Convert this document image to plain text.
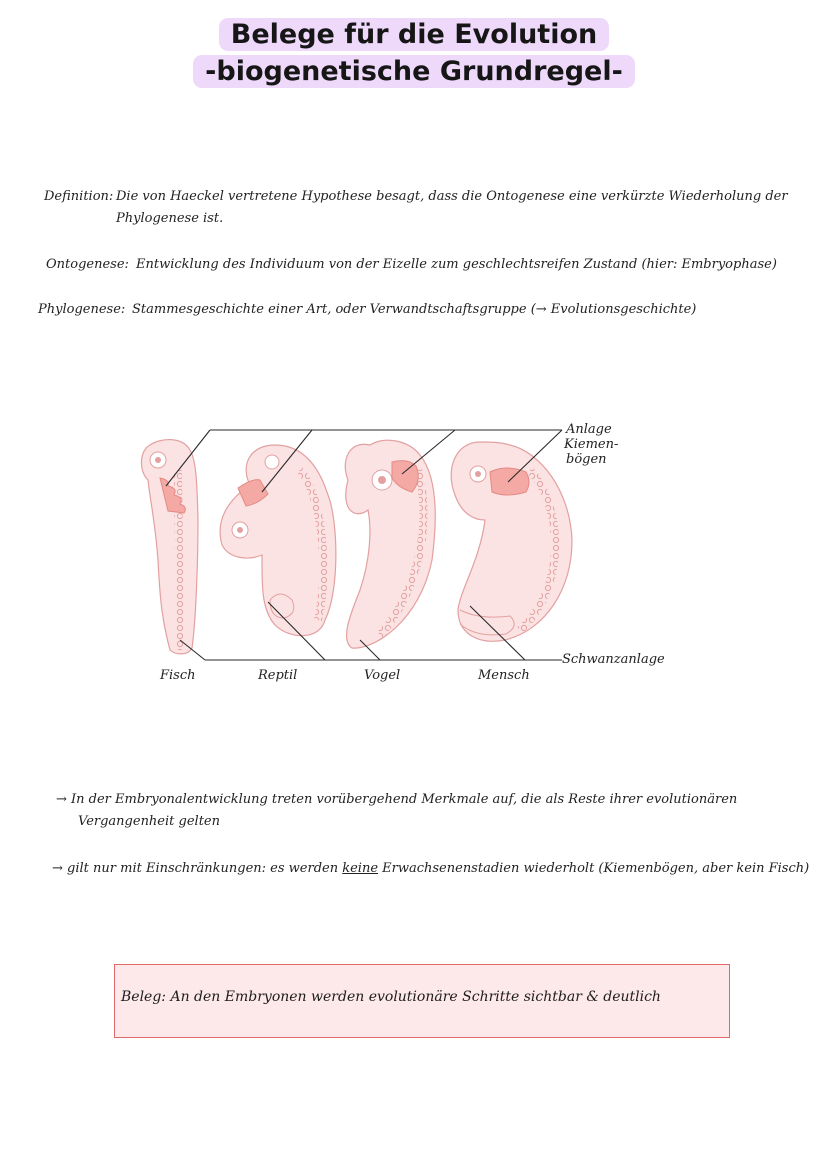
Belege für die Evolution
-biogenetische Grundregel-
Definition: Die von Haeckel vertretene Hypothese besagt, dass die Ontogenese eine verkürzte Wiederholung der
Phylogenese ist.
Ontogenese: Entwicklung des Individuum von der Eizelle zum geschlechtsreifen Zustand (hier: Embryophase)
Phylogenese: Stammesgeschichte einer Art, oder Verwandtschaftsgruppe (→ Evolutionsgeschichte)
Anlage
Kiemen-
bögen
Schwanzanlage
Fisch	Reptil	Vogel	Mensch
→ In der Embryonalentwicklung treten vorübergehend Merkmale auf, die als Reste ihrer evolutionären
Vergangenheit gelten
→ gilt nur mit Einschränkungen: es werden keine Erwachsenenstadien wiederholt (Kiemenbögen, aber kein Fisch)
Beleg: An den Embryonen werden evolutionäre Schritte sichtbar & deutlich
